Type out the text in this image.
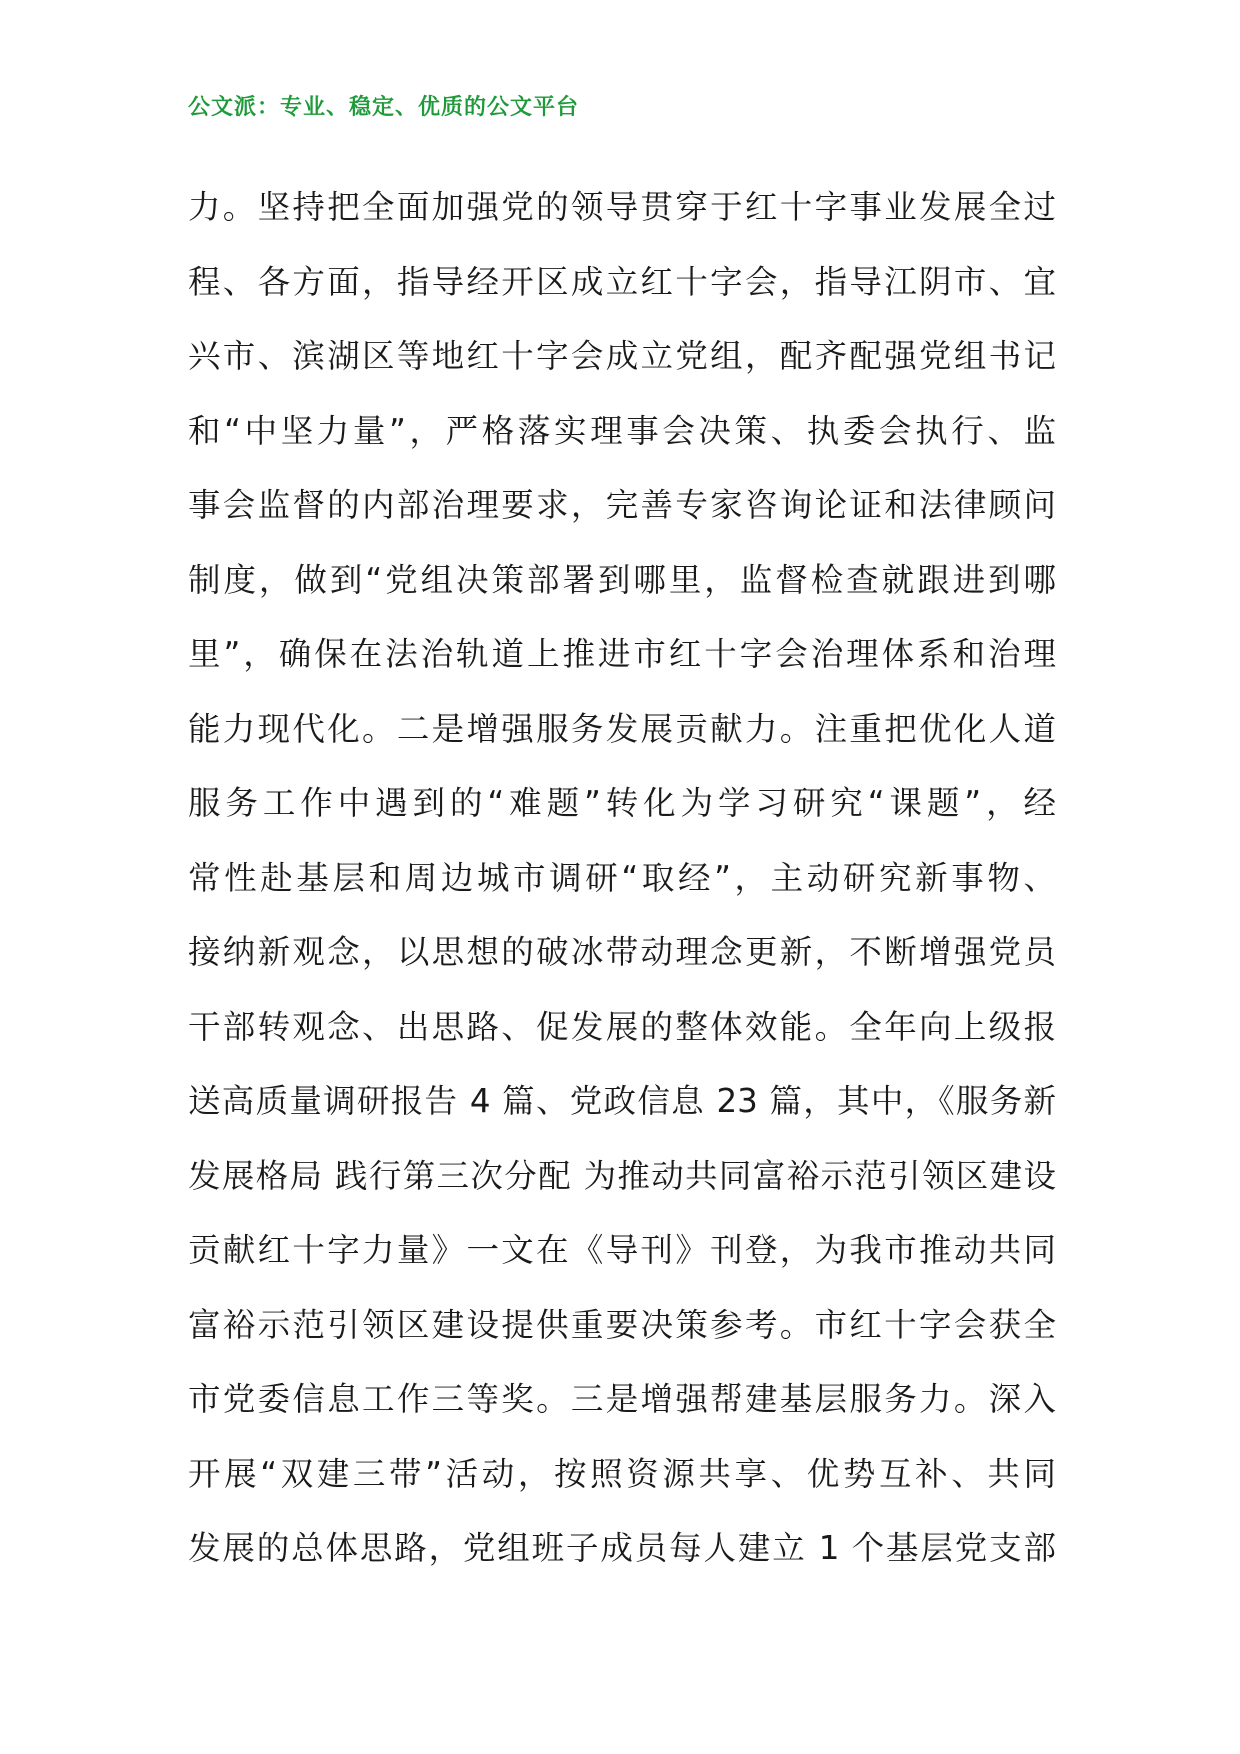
公文派：专业、稳定、优质的公文平台
力。坚持把全面加强党的领导贯穿于红十字事业发展全过
程、各方面，指导经开区成立红十字会，指导江阴市、宜
兴市、滨湖区等地红十字会成立党组，配齐配强党组书记
和“中坚力量”，严格落实理事会决策、执委会执行、监
事会监督的内部治理要求，完善专家咨询论证和法律顾问
制度，做到“党组决策部署到哪里，监督检查就跟进到哪
里”，确保在法治轨道上推进市红十字会治理体系和治理
能力现代化。二是增强服务发展贡献力。注重把优化人道
服务工作中遇到的“难题”转化为学习研究“课题”，经
常性赴基层和周边城市调研“取经”，主动研究新事物、
接纳新观念，以思想的破冰带动理念更新，不断增强党员
干部转观念、出思路、促发展的整体效能。全年向上级报
送高质量调研报告 4 篇、党政信息 23 篇，其中，《服务新
发展格局 践行第三次分配 为推动共同富裕示范引领区建设
贡献红十字力量》一文在《导刊》刊登，为我市推动共同
富裕示范引领区建设提供重要决策参考。市红十字会获全
市党委信息工作三等奖。三是增强帮建基层服务力。深入
开展“双建三带”活动，按照资源共享、优势互补、共同
发展的总体思路，党组班子成员每人建立 1 个基层党支部
